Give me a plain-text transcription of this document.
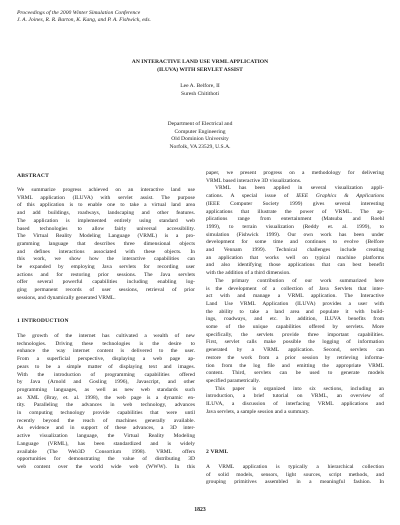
Proceedings of the 2000 Winter Simulation Conference
J. A. Joines, R. R. Barton, K. Kang, and P. A. Fishwick, eds.
AN INTERACTIVE LAND USE VRML APPLICATION
(ILUVA) WITH SERVLET ASSIST
Lee A. Belfore, II
Suresh Chitithoti
Department of Electrical and
Computer Engineering
Old Dominion University
Norfolk, VA 23529, U.S.A.
ABSTRACT
We summarize progress achieved on an interactive land use
VRML application (ILUVA) with servlet assist. The purpose
of this application is to enable one to take a virtual land area
and add buildings, roadways, landscaping and other features.
The application is implemented entirely using standard web
based technologies to allow fairly universal accessibility.
The Virtual Reality Modeling Language (VRML) is a pro-
gramming language that describes three dimensional objects
and defines interactions associated with these objects. In
this work, we show how the interactive capabilities can
be expanded by employing Java servlets for recording user
actions and for restoring prior sessions. The Java servlets
offer several powerful capabilities including enabling log-
ging permanent records of user sessions, retrieval of prior
sessions, and dynamically generated VRML.
1 INTRODUCTION
The growth of the internet has cultivated a wealth of new
technologies. Driving these technologies is the desire to
enhance the way internet content is delivered to the user.
From a superficial perspective, displaying a web page ap-
pears to be a simple matter of displaying text and images.
With the introduction of programming capabilities offered
by Java (Arnold and Gosling 1996), Javascript, and other
programming languages, as well as new web standards such
as XML (Bray, et. al. 1998), the web page is a dynamic en-
tity. Paralleling the advances in web technology, advances
in computing technology provide capabilities that were until
recently beyond the reach of machines generally available.
As evidence and in support of these advances, a 3D inter-
active visualization language, the Virtual Reality Modeling
Language (VRML), has been standardized and is widely
available (The Web3D Consortium 1998). VRML offers
opportunities for demonstrating the value of distributing 3D
web content over the world wide web (WWW). In this
paper, we present progress on a methodology for delivering
VRML based interactive 3D visualizations.
VRML has been applied in several visualization appli-
cations. A special issue of IEEE Graphics & Applications
(IEEE Computer Society 1999) gives several interesting
applications that illustrate the power of VRML. The ap-
plications range from entertainment (Matsuba and Roehl
1999), to terrain visualization (Reddy et. al. 1999), to
simulation (Fishwick 1999). Our own work has been under
development for some time and continues to evolve (Belfore
and Vennam 1999). Technical challenges include creating
an application that works well on typical machine platforms
and also identifying those applications that can best benefit
with the addition of a third dimension.
The primary contribution of our work summarized here
is the development of a collection of Java Servlets that inter-
act with and manage a VRML application. The Interactive
Land Use VRML Application (ILUVA) provides a user with
the ability to take a land area and populate it with build-
ings, roadways, and etc. In addition, ILUVA benefits from
some of the unique capabilities offered by servlets. More
specifically, the servlets provide three important capabilities.
First, servlet calls make possible the logging of information
generated by a VRML application. Second, servlets can
restore the work from a prior session by retrieving informa-
tion from the log file and emitting the appropriate VRML
content. Third, servlets can be used to generate models
specified parametrically.
This paper is organized into six sections, including an
introduction, a brief tutorial on VRML, an overview of
ILUVA, a discussion of interfacing VRML applications and
Java servlets, a sample session and a summary.
2 VRML
A VRML application is typically a hierarchical collection
of solid models, sensors, light sources, script methods, and
grouping primitives assembled in a meaningful fashion. In
1823
